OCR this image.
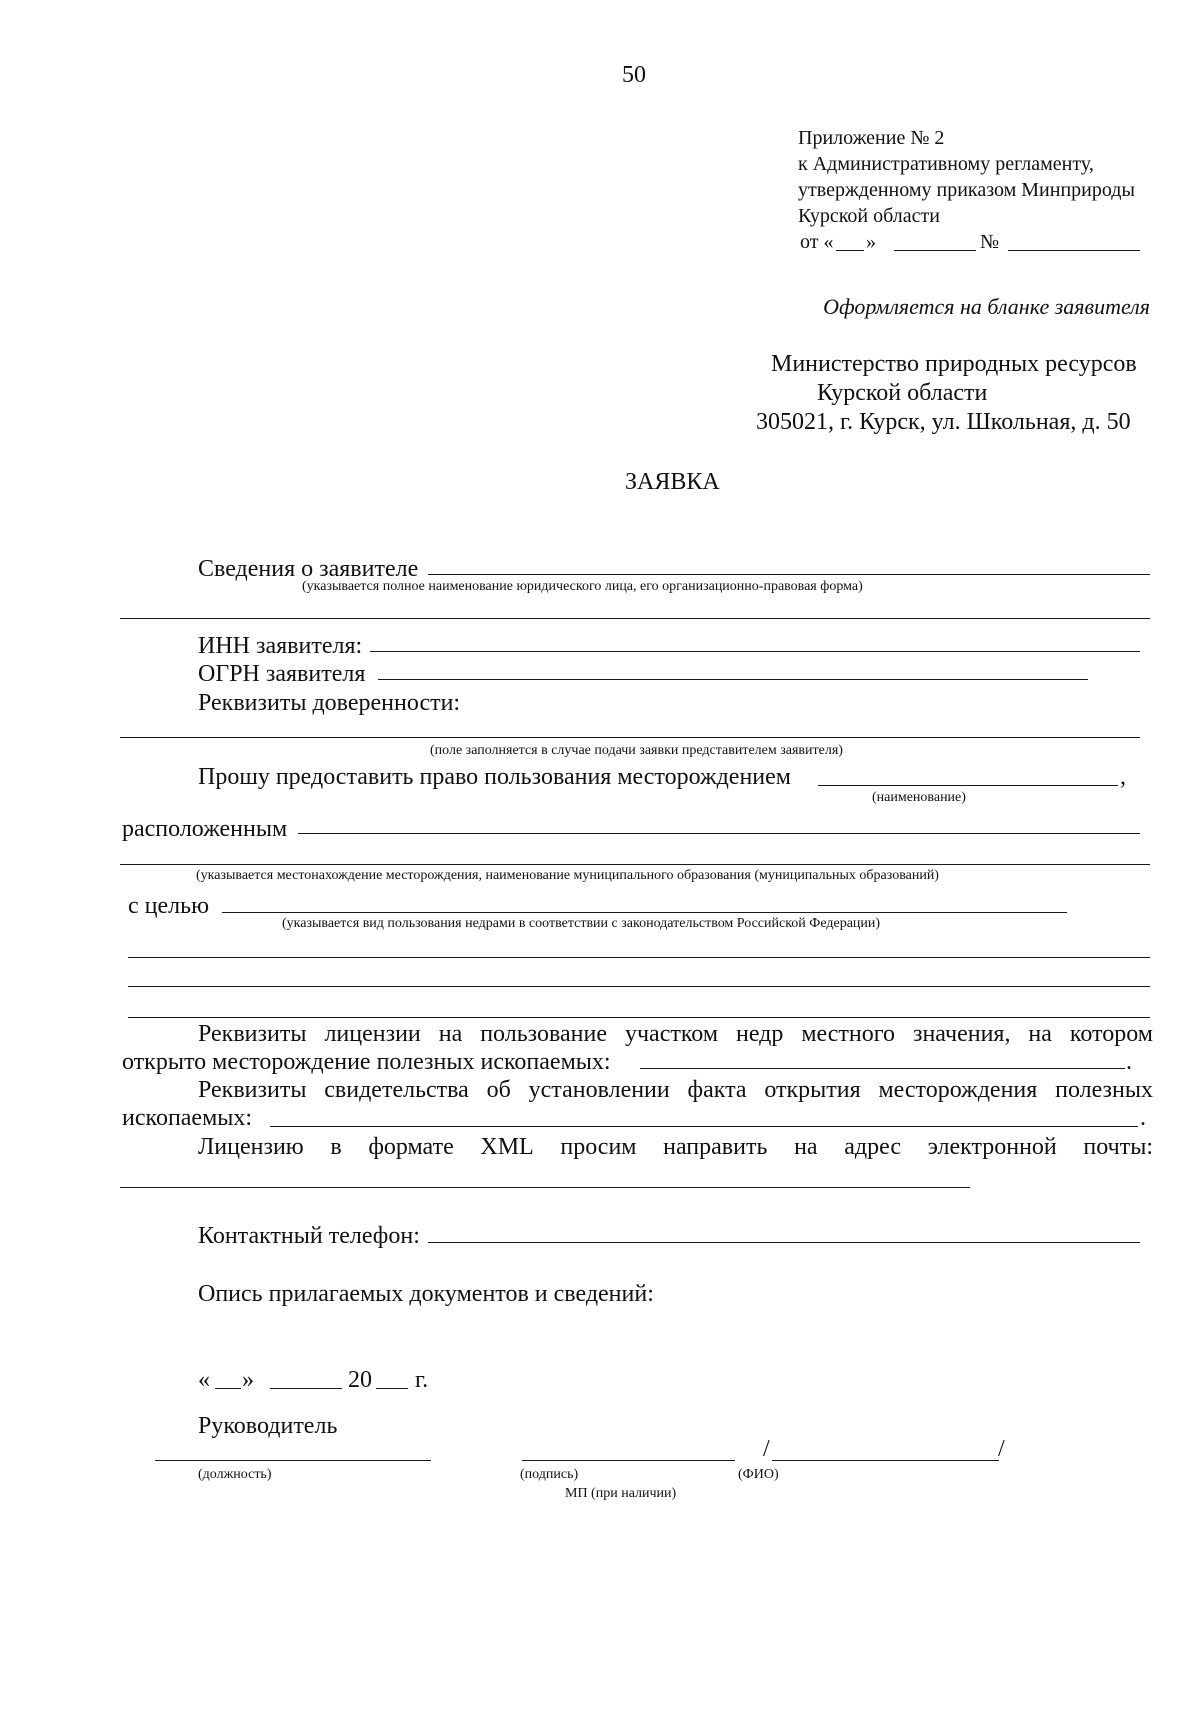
50
Приложение № 2
к Административному регламенту,
утвержденному приказом Минприроды
Курской области
от « »	№
Оформляется на бланке заявителя
Министерство природных ресурсов
Курской области
305021, г. Курск, ул. Школьная, д. 50
ЗАЯВКА
Сведения о заявителе
(указывается полное наименование юридического лица, его организационно-правовая форма)
ИНН заявителя:
ОГРН заявителя
Реквизиты доверенности:
(поле заполняется в случае подачи заявки представителем заявителя)
Прошу предоставить право пользования месторождением	,
(наименование)
расположенным
(указывается местонахождение месторождения, наименование муниципального образования (муниципальных образований)
с целью
(указывается вид пользования недрами в соответствии с законодательством Российской Федерации)
Реквизиты лицензии на пользование участком недр местного значения, на котором
открыто месторождение полезных ископаемых:	.
Реквизиты свидетельства об установлении факта открытия месторождения полезных
ископаемых:	.
Лицензию в формате XML просим направить на адрес электронной почты:
Контактный телефон:
Опись прилагаемых документов и сведений:
« »	20 г.
Руководитель
(должность)	(подпись)
/	/
(ФИО)
МП (при наличии)
